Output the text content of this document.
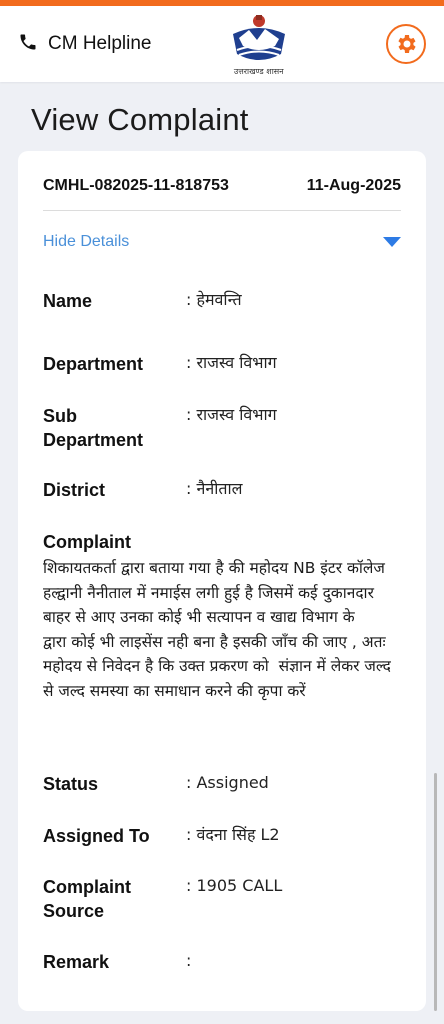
CM Helpline
उत्तराखण्ड शासन
View Complaint
CMHL-082025-11-818753	11-Aug-2025
Hide Details
Name	: हेमवन्ति
Department	: राजस्व विभाग
Sub
Department
: राजस्व विभाग
District	: नैनीताल
Complaint
शिकायतकर्ता द्वारा बताया गया है की महोदय NB इंटर कॉलेज
हल्द्वानी नैनीताल में नमाईस लगी हुई है जिसमें कई दुकानदार
बाहर से आए उनका कोई भी सत्यापन व खाद्य विभाग के
द्वारा कोई भी लाइसेंस नही बना है इसकी जाँच की जाए , अतः
महोदय से निवेदन है कि उक्त प्रकरण को  संज्ञान में लेकर जल्द
से जल्द समस्या का समाधान करने की कृपा करें
Status	: Assigned
Assigned To	: वंदना सिंह L2
Complaint
Source
: 1905 CALL
Remark	:
